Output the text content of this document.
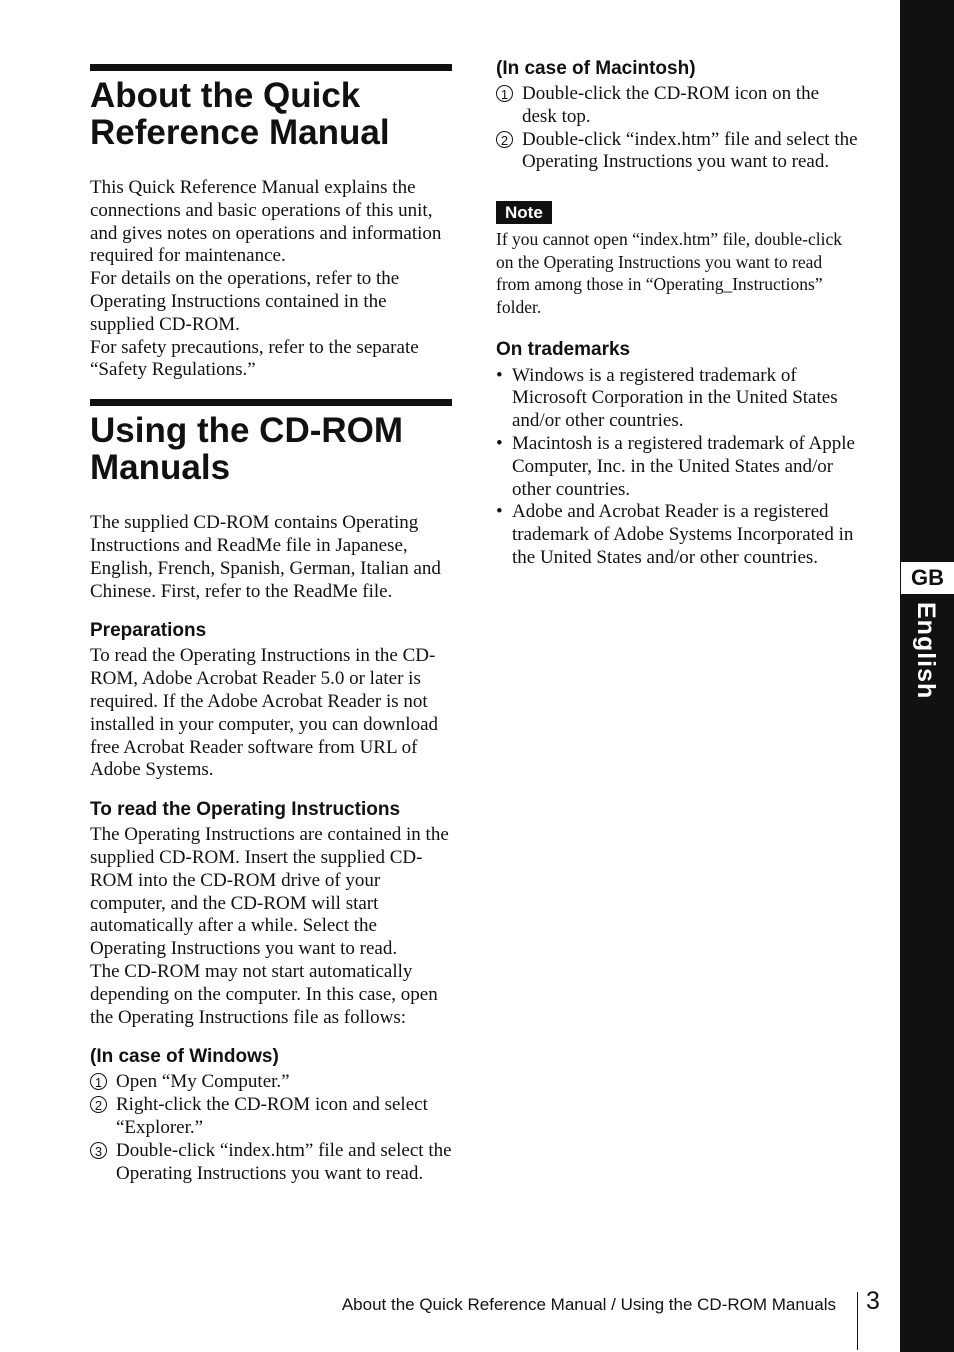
GB
English
About the Quick
Reference Manual

This Quick Reference Manual explains the connections and basic operations of this unit, and gives notes on operations and information required for maintenance.

For details on the operations, refer to the Operating Instructions contained in the supplied CD-ROM.

For safety precautions, refer to the separate “Safety Regulations.”

Using the CD-ROM
Manuals

The supplied CD-ROM contains Operating Instructions and ReadMe file in Japanese, English, French, Spanish, German, Italian and Chinese. First, refer to the ReadMe file.

Preparations

To read the Operating Instructions in the CD-ROM, Adobe Acrobat Reader 5.0 or later is required. If the Adobe Acrobat Reader is not installed in your computer, you can download free Acrobat Reader software from URL of Adobe Systems.

To read the Operating Instructions

The Operating Instructions are contained in the supplied CD-ROM. Insert the supplied CD-ROM into the CD-ROM drive of your computer, and the CD-ROM will start automatically after a while. Select the Operating Instructions you want to read.

The CD-ROM may not start automatically depending on the computer. In this case, open the Operating Instructions file as follows:

(In case of Windows)
1 Open “My Computer.”
2 Right-click the CD-ROM icon and select “Explorer.”
3 Double-click “index.htm” file and select the Operating Instructions you want to read.
(In case of Macintosh)
1 Double-click the CD-ROM icon on the desk top.
2 Double-click “index.htm” file and select the Operating Instructions you want to read.
Note

If you cannot open “index.htm” file, double-click on the Operating Instructions you want to read from among those in “Operating_Instructions” folder.

On trademarks
• Windows is a registered trademark of Microsoft Corporation in the United States and/or other countries.
• Macintosh is a registered trademark of Apple Computer, Inc. in the United States and/or other countries.
• Adobe and Acrobat Reader is a registered trademark of Adobe Systems Incorporated in the United States and/or other countries.
About the Quick Reference Manual / Using the CD-ROM Manuals 3
